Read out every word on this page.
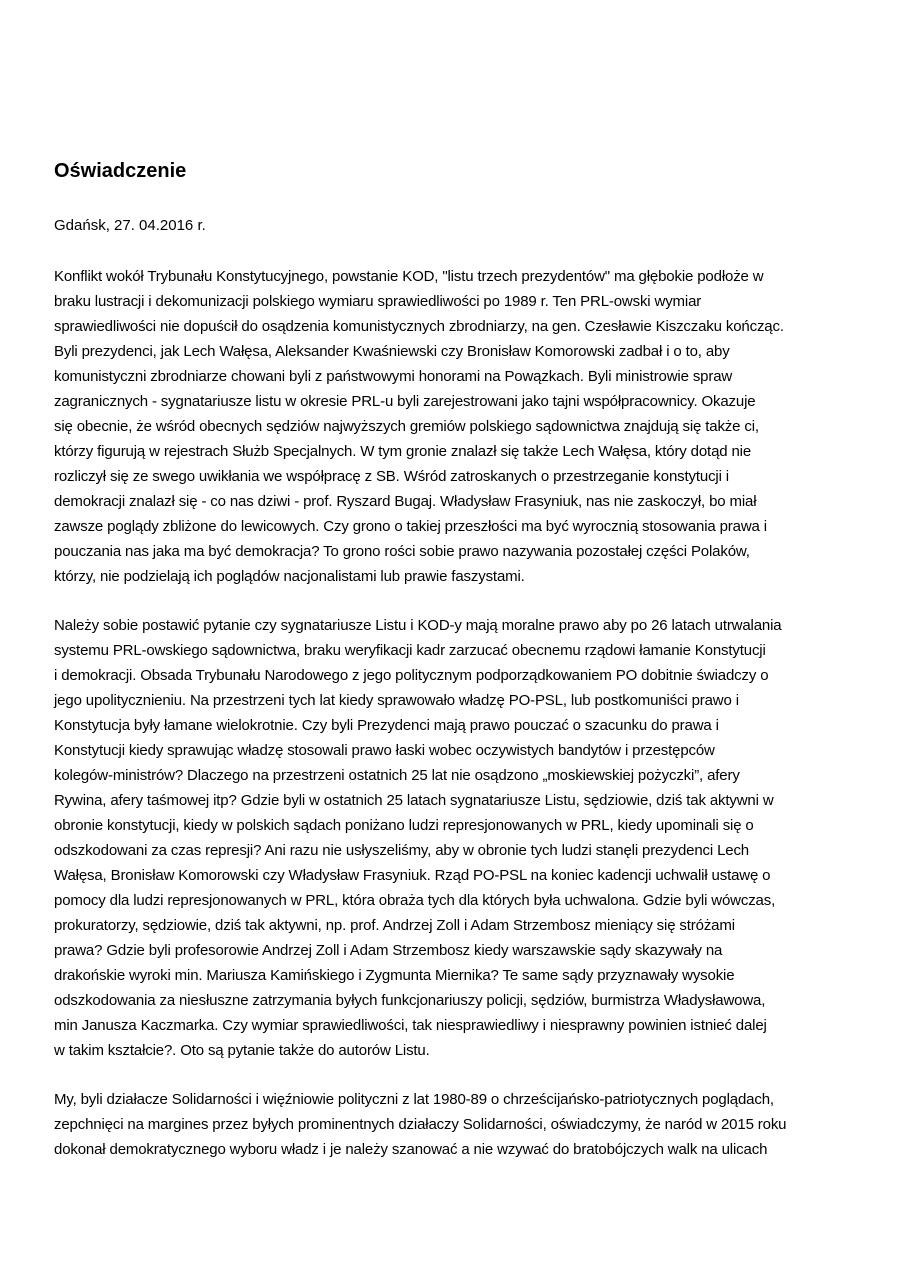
Oświadczenie

Gdańsk, 27. 04.2016 r.

Konflikt wokół Trybunału Konstytucyjnego, powstanie KOD, "listu trzech prezydentów" ma głębokie podłoże w
braku lustracji i dekomunizacji polskiego wymiaru sprawiedliwości po 1989 r. Ten PRL-owski wymiar
sprawiedliwości nie dopuścił do osądzenia komunistycznych zbrodniarzy, na gen. Czesławie Kiszczaku kończąc.
Byli prezydenci, jak Lech Wałęsa, Aleksander Kwaśniewski czy Bronisław Komorowski zadbał i o to, aby
komunistyczni zbrodniarze chowani byli z państwowymi honorami na Powązkach. Byli ministrowie spraw
zagranicznych - sygnatariusze listu w okresie PRL-u byli zarejestrowani jako tajni współpracownicy. Okazuje
się obecnie, że wśród obecnych sędziów najwyższych gremiów polskiego sądownictwa znajdują się także ci,
którzy figurują w rejestrach Służb Specjalnych. W tym gronie znalazł się także Lech Wałęsa, który dotąd nie
rozliczył się ze swego uwikłania we współpracę z SB. Wśród zatroskanych o przestrzeganie konstytucji i
demokracji znalazł się - co nas dziwi - prof. Ryszard Bugaj. Władysław Frasyniuk, nas nie zaskoczył, bo miał
zawsze poglądy zbliżone do lewicowych. Czy grono o takiej przeszłości ma być wyrocznią stosowania prawa i
pouczania nas jaka ma być demokracja? To grono rości sobie prawo nazywania pozostałej części Polaków,
którzy, nie podzielają ich poglądów nacjonalistami lub prawie faszystami.

Należy sobie postawić pytanie czy sygnatariusze Listu i KOD-y mają moralne prawo aby po 26 latach utrwalania
systemu PRL-owskiego sądownictwa, braku weryfikacji kadr zarzucać obecnemu rządowi łamanie Konstytucji
i demokracji. Obsada Trybunału Narodowego z jego politycznym podporządkowaniem PO dobitnie świadczy o
jego upolitycznieniu. Na przestrzeni tych lat kiedy sprawowało władzę PO-PSL, lub postkomuniści prawo i
Konstytucja były łamane wielokrotnie. Czy byli Prezydenci mają prawo pouczać o szacunku do prawa i
Konstytucji kiedy sprawując władzę stosowali prawo łaski wobec oczywistych bandytów i przestępców
kolegów-ministrów? Dlaczego na przestrzeni ostatnich 25 lat nie osądzono „moskiewskiej pożyczki”, afery
Rywina, afery taśmowej itp? Gdzie byli w ostatnich 25 latach sygnatariusze Listu, sędziowie, dziś tak aktywni w
obronie konstytucji, kiedy w polskich sądach poniżano ludzi represjonowanych w PRL, kiedy upominali się o
odszkodowani za czas represji? Ani razu nie usłyszeliśmy, aby w obronie tych ludzi stanęli prezydenci Lech
Wałęsa, Bronisław Komorowski czy Władysław Frasyniuk. Rząd PO-PSL na koniec kadencji uchwalił ustawę o
pomocy dla ludzi represjonowanych w PRL, która obraża tych dla których była uchwalona. Gdzie byli wówczas,
prokuratorzy, sędziowie, dziś tak aktywni, np. prof. Andrzej Zoll i Adam Strzembosz mieniący się stróżami
prawa? Gdzie byli profesorowie Andrzej Zoll i Adam Strzembosz kiedy warszawskie sądy skazywały na
drakońskie wyroki min. Mariusza Kamińskiego i Zygmunta Miernika? Te same sądy przyznawały wysokie
odszkodowania za niesłuszne zatrzymania byłych funkcjonariuszy policji, sędziów, burmistrza Władysławowa,
min Janusza Kaczmarka. Czy wymiar sprawiedliwości, tak niesprawiedliwy i niesprawny powinien istnieć dalej
w takim kształcie?. Oto są pytanie także do autorów Listu.

My, byli działacze Solidarności i więźniowie polityczni z lat 1980-89 o chrześcijańsko-patriotycznych poglądach,
zepchnięci na margines przez byłych prominentnych działaczy Solidarności, oświadczymy, że naród w 2015 roku
dokonał demokratycznego wyboru władz i je należy szanować a nie wzywać do bratobójczych walk na ulicach
